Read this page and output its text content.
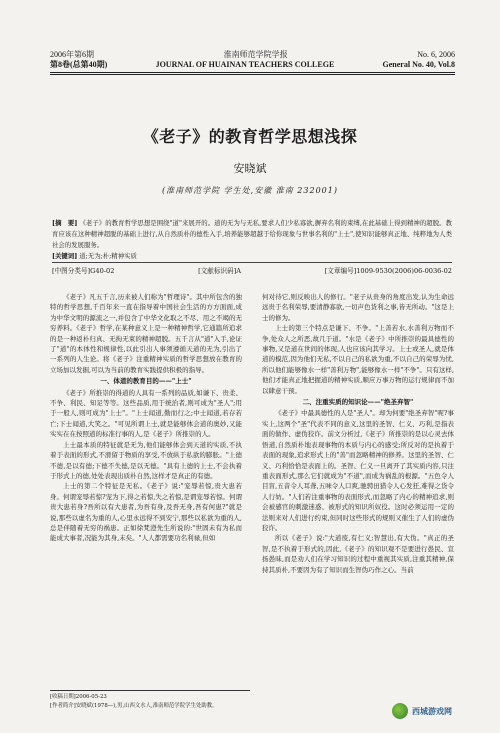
2006年第6期	淮南师范学院学报	No. 6, 2006
第8卷(总第40期)	JOURNAL OF HUAINAN TEACHERS COLLEGE	General No. 40, Vol.8
《老子》的教育哲学思想浅探
安晓斌
(淮南师范学院 学生处,安徽 淮南 232001)
[摘　要] 《老子》的教育哲学思想是围绕"道"来展开的。道的无为与无私,要求人们少私寡欲,摒弃名利的束缚,在此基础上得到精神的超脱。教育应该在这种精神超脱的基础上进行,从自然质朴的德性入手,培养能够超越于给你现象与世事名利的"上士",使知识能够真正地、纯粹地为人类社会的发展服务。
[关键词] 道;无为;朴;精神实质
[中图分类号]G40-02	[文献标识码]A	[文章编号]1009-9530(2006)06-0036-02

《老子》凡五千言,历来被人们称为"哲理诗"。其中所包含的独特的哲学思想,千百年来一直在指导着中国社会生活的方方面面,成为中华文明的源流之一,并包含了中华文化取之不尽、用之不竭的无穷养料。《老子》哲学,在某种意义上是一种精神哲学,它通篇所追求的是一种返朴归真、无拘无束的精神超脱。五千言从"道"入手,论证了"道"的本体性和规律性,以此引出人事须遵循天道的无为,引出了一系列的人生论。将《老子》注重精神实质的哲学思想放在教育的立场加以发掘,可以为当前的教育实践提供积极的指导。

一、体道的教育目的——"上士"

《老子》所推崇的得道的人具有一系列的品质,如谦下、贵柔、不争、利民、知足等等。这些品质,用于统治者,则可成为"圣人";用于一般人,则可成为"上士"。"上士闻道,勤而行之;中士闻道,若存若亡;下士闻道,大笑之。"可见所谓上士,就是能够体会道的奥妙,又能实实在在按照道的标准行事的人,是《老子》所推崇的人。

上士最本质的特征就是无为,他们能够体会到天道的实质,不执着于表面的形式,不滑留于物质的享受,不放纵于私欲的膨胀。"上德不德,是以有德;下德不失德,是以无德。"具有上德的上士,不会执着于形式上的德,处处表现出质朴自然,这样才是真正的有德。

上士的第二个特征是无私。《老子》说:"宠辱若惊,贵大患若身。何谓宠辱若惊?宠为下,得之若惊,失之若惊,是谓宠辱若惊。何谓贵大患若身?吾所以有大患者,为吾有身,及吾无身,吾有何患?"就是说,那些以虚名为重的人,心里永远得不到安宁,那些以私欲为重的人,总是伴随着无穷的祸患。正如徐梵澄先生所说的:"世固未有为私而能成大事者,况能为其身,末矣。"人人都需要功名利禄,但如

何对待它,则反映出人的修行。"老子从贵身的角度出发,认为生命远远贵于名利荣辱,要清静寡欲,一切声色货利之事,皆无所动。"这是上士的修为。

上士的第三个特点是谦下、不争。"上善若水,水善利万物而不争,处众人之所恶,故几于道。"水是《老子》中所推崇的最具德性的事物,又是道在世间的体现,人也应该向其学习。上士或圣人,就是体道的模范,因为他们无私,不以自己的私欲为重,不以自己的荣辱为忧,所以他们能够像水一样"善利万物",能够像水一样"不争"。只有这样,他们才能真正地把握道的精神实质,顺应万事万物的运行规律而不加以肆意干预。

二、注重实质的知识论——"绝圣弃智"

《老子》中最具德性的人是"圣人"。却为何要"绝圣弃智"呢?事实上,这两个"圣"代表不同的意义,这里的圣智、仁义、巧利,是指表面的做作、虚伪狡诈。前文分析过,《老子》所推崇的是以心灵去体悟道,自然质朴地表现事物的本质与内心的感受;所反对的是执着于表面的现象,追求形式上的"善"而忽略精神的修养。这里的圣智、仁义、巧利恰恰是表面上的。圣智、仁义一旦离开了其实质内容,只注重表面形式,那么它们就成为"不道",而成为祸乱的根源。"五色令人目盲,五音令人耳聋,五味令人口爽,驰骋田猎令人心发狂,难得之货令人行妨。"人们若注重事物的表面形式,而忽略了内心的精神追求,则会被感官的刺激迷惑、被形式的知识所奴役。这时必须运用一定的法则来对人们进行约束,但同时这些形式的规则又催生了人们的虚伪狡诈。

所以《老子》说:"大道废,有仁义;智慧出,有大伪。"真正的圣智,是不执着于形式的,因此,《老子》的知识观不是要进行愚民、宣扬愚昧,而是劝人们在学习知识的过程中重视其实质,注重其精神,保持其质朴,不要因为有了知识而生智伪巧作之心。当前

[收稿日期]2006-05-23
[作者简介]安晓斌(1978—),男,山西文水人,淮南师范学院学生处助教。
西城游戏网
